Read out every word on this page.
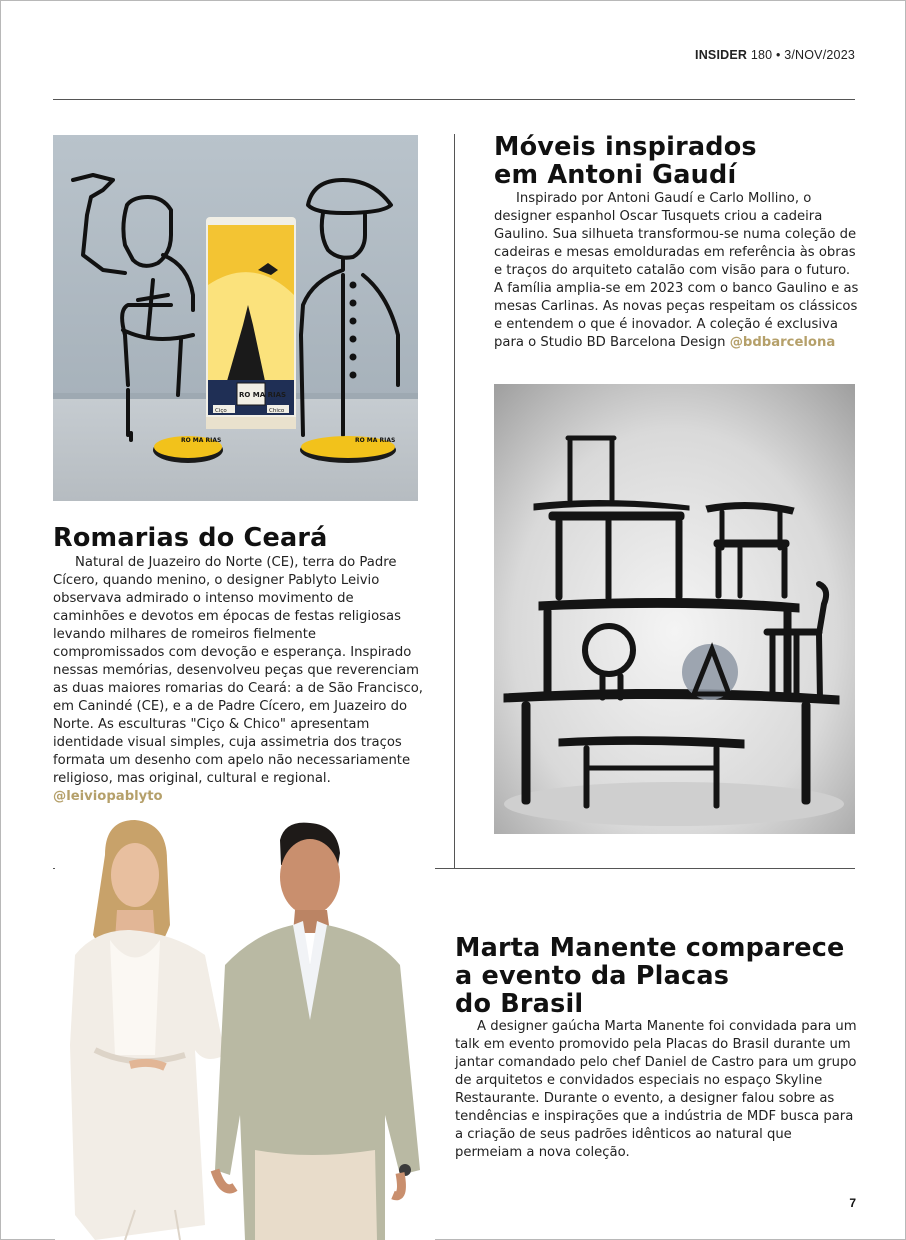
INSIDER 180 • 3/NOV/2023
RO MA RIAS
RO MA RIAS
Ciço	Chico
RO MA RIAS
Romarias do Ceará

Natural de Juazeiro do Norte (CE), terra do Padre Cícero, quando menino, o designer Pablyto Leivio observava admirado o intenso movimento de caminhões e devotos em épocas de festas religiosas levando milhares de romeiros fielmente compromissados com devoção e esperança. Inspirado nessas memórias, desenvolveu peças que reverenciam as duas maiores romarias do Ceará: a de São Francisco, em Canindé (CE), e a de Padre Cícero, em Juazeiro do Norte. As esculturas "Ciço & Chico" apresentam identidade visual simples, cuja assimetria dos traços formata um desenho com apelo não necessariamente religioso, mas original, cultural e regional. @leiviopablyto

Móveis inspirados
em Antoni Gaudí

Inspirado por Antoni Gaudí e Carlo Mollino, o designer espanhol Oscar Tusquets criou a cadeira Gaulino. Sua silhueta transformou-se numa coleção de cadeiras e mesas emolduradas em referência às obras e traços do arquiteto catalão com visão para o futuro. A família amplia-se em 2023 com o banco Gaulino e as mesas Carlinas. As novas peças respeitam os clássicos e entendem o que é inovador. A coleção é exclusiva para o Studio BD Barcelona Design @bdbarcelona

Marta Manente comparece
a evento da Placas
do Brasil

A designer gaúcha Marta Manente foi convidada para um talk em evento promovido pela Placas do Brasil durante um jantar comandado pelo chef Daniel de Castro para um grupo de arquitetos e convidados especiais no espaço Skyline Restaurante. Durante o evento, a designer falou sobre as tendências e inspirações que a indústria de MDF busca para a criação de seus padrões idênticos ao natural que permeiam a nova coleção.

7
